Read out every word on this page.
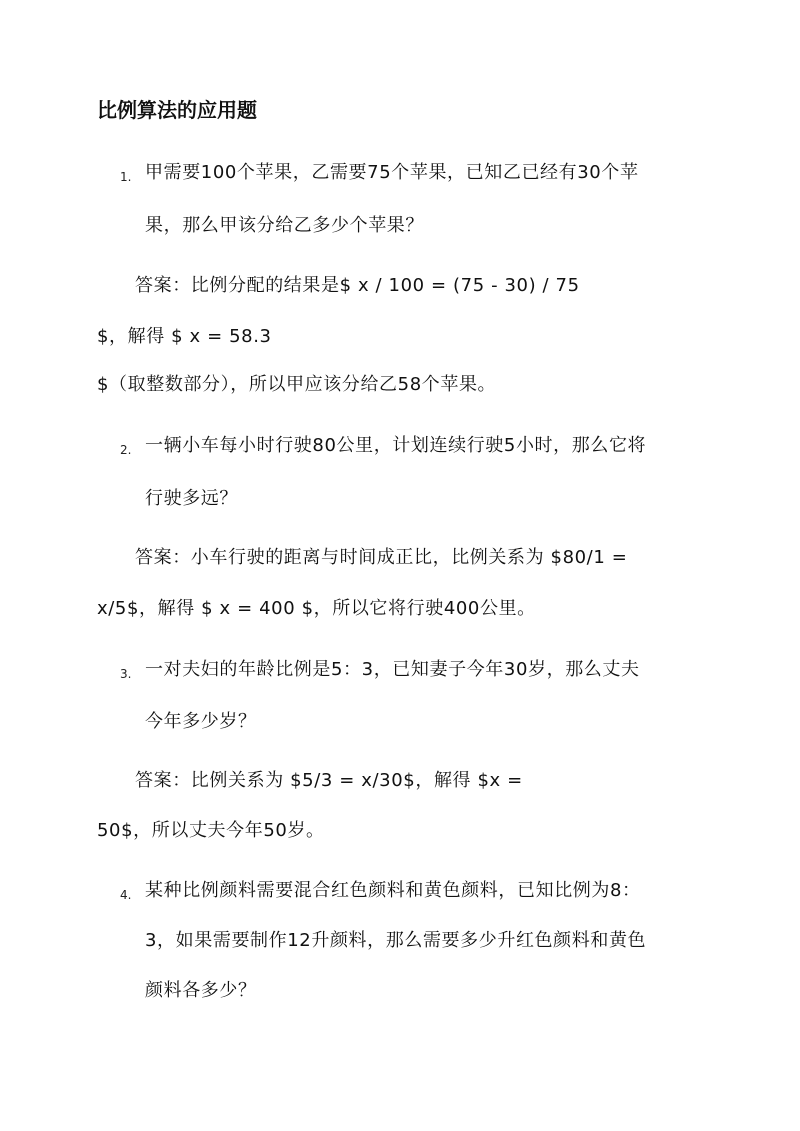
比例算法的应用题
1. 甲需要100个苹果，乙需要75个苹果，已知乙已经有30个苹
果，那么甲该分给乙多少个苹果？
答案：比例分配的结果是$ x / 100 = (75 - 30) / 75
$，解得 $ x = 58.3
$（取整数部分），所以甲应该分给乙58个苹果。
2. 一辆小车每小时行驶80公里，计划连续行驶5小时，那么它将
行驶多远？
答案：小车行驶的距离与时间成正比，比例关系为 $80/1 =
x/5$，解得 $ x = 400 $，所以它将行驶400公里。
3. 一对夫妇的年龄比例是5：3，已知妻子今年30岁，那么丈夫
今年多少岁？
答案：比例关系为 $5/3 = x/30$，解得 $x =
50$，所以丈夫今年50岁。
4. 某种比例颜料需要混合红色颜料和黄色颜料，已知比例为8：
3，如果需要制作12升颜料，那么需要多少升红色颜料和黄色
颜料各多少？
